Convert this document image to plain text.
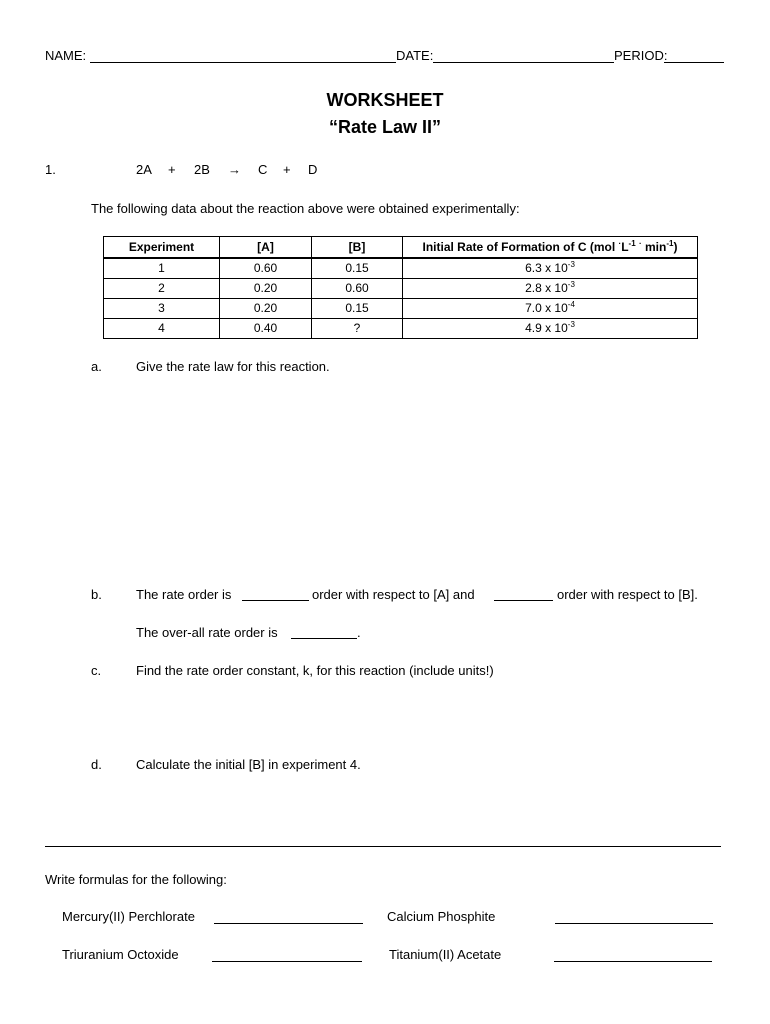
NAME:	DATE:	PERIOD:
WORKSHEET
“Rate Law II”
1.	2A + 2B → C + D
The following data about the reaction above were obtained experimentally:
Experiment	[A]	[B]	Initial Rate of Formation of C (mol $^\cdot L^{-1}$ · $\min^{-1}$)
1	0.60	0.15	6.3 x $10^{-3}$
2	0.20	0.60	2.8 x $10^{-3}$
3	0.20	0.15	7.0 x $10^{-4}$
4	0.40	?	4.9 x $10^{-3}$
a.	Give the rate law for this reaction.
b.	The rate order is	order with respect to [A] and	order with respect to [B].
The over-all rate order is	.
c.	Find the rate order constant, k, for this reaction (include units!)
d.	Calculate the initial [B] in experiment 4.
Write formulas for the following:
Mercury(II) Perchlorate	Calcium Phosphite
Triuranium Octoxide	Titanium(II) Acetate
